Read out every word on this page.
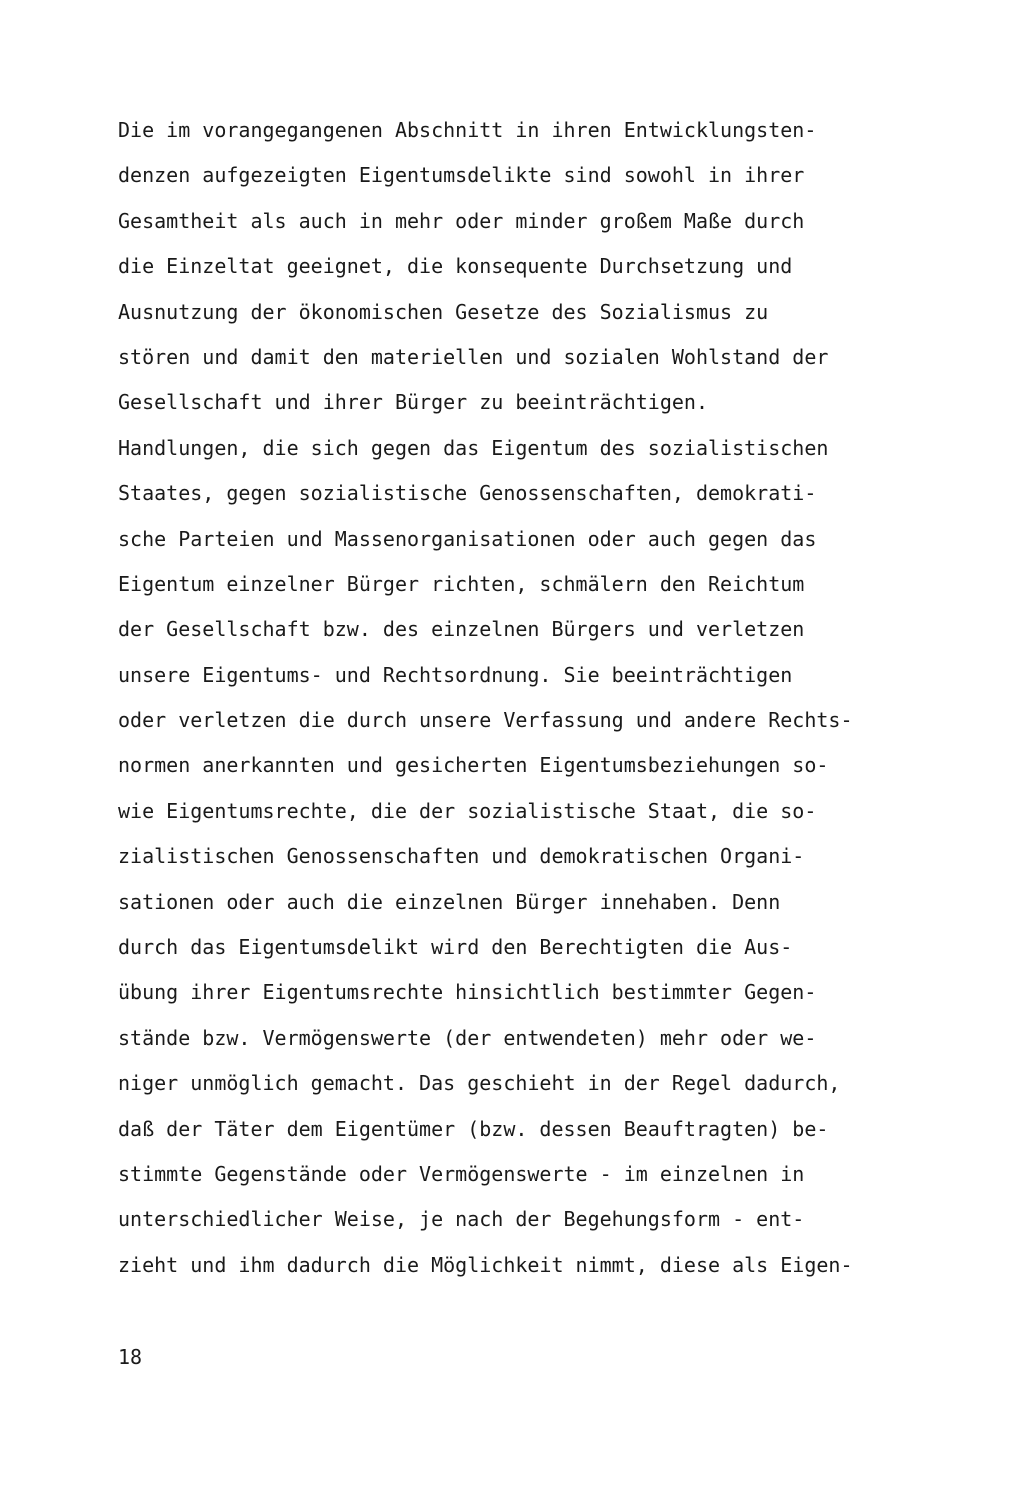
Die im vorangegangenen Abschnitt in ihren Entwicklungsten-
denzen aufgezeigten Eigentumsdelikte sind sowohl in ihrer
Gesamtheit als auch in mehr oder minder großem Maße durch
die Einzeltat geeignet, die konsequente Durchsetzung und
Ausnutzung der ökonomischen Gesetze des Sozialismus zu
stören und damit den materiellen und sozialen Wohlstand der
Gesellschaft und ihrer Bürger zu beeinträchtigen.
Handlungen, die sich gegen das Eigentum des sozialistischen
Staates, gegen sozialistische Genossenschaften, demokrati-
sche Parteien und Massenorganisationen oder auch gegen das
Eigentum einzelner Bürger richten, schmälern den Reichtum
der Gesellschaft bzw. des einzelnen Bürgers und verletzen
unsere Eigentums- und Rechtsordnung. Sie beeinträchtigen
oder verletzen die durch unsere Verfassung und andere Rechts-
normen anerkannten und gesicherten Eigentumsbeziehungen so-
wie Eigentumsrechte, die der sozialistische Staat, die so-
zialistischen Genossenschaften und demokratischen Organi-
sationen oder auch die einzelnen Bürger innehaben. Denn
durch das Eigentumsdelikt wird den Berechtigten die Aus-
übung ihrer Eigentumsrechte hinsichtlich bestimmter Gegen-
stände bzw. Vermögenswerte (der entwendeten) mehr oder we-
niger unmöglich gemacht. Das geschieht in der Regel dadurch,
daß der Täter dem Eigentümer (bzw. dessen Beauftragten) be-
stimmte Gegenstände oder Vermögenswerte - im einzelnen in
unterschiedlicher Weise, je nach der Begehungsform - ent-
zieht und ihm dadurch die Möglichkeit nimmt, diese als Eigen-
18
